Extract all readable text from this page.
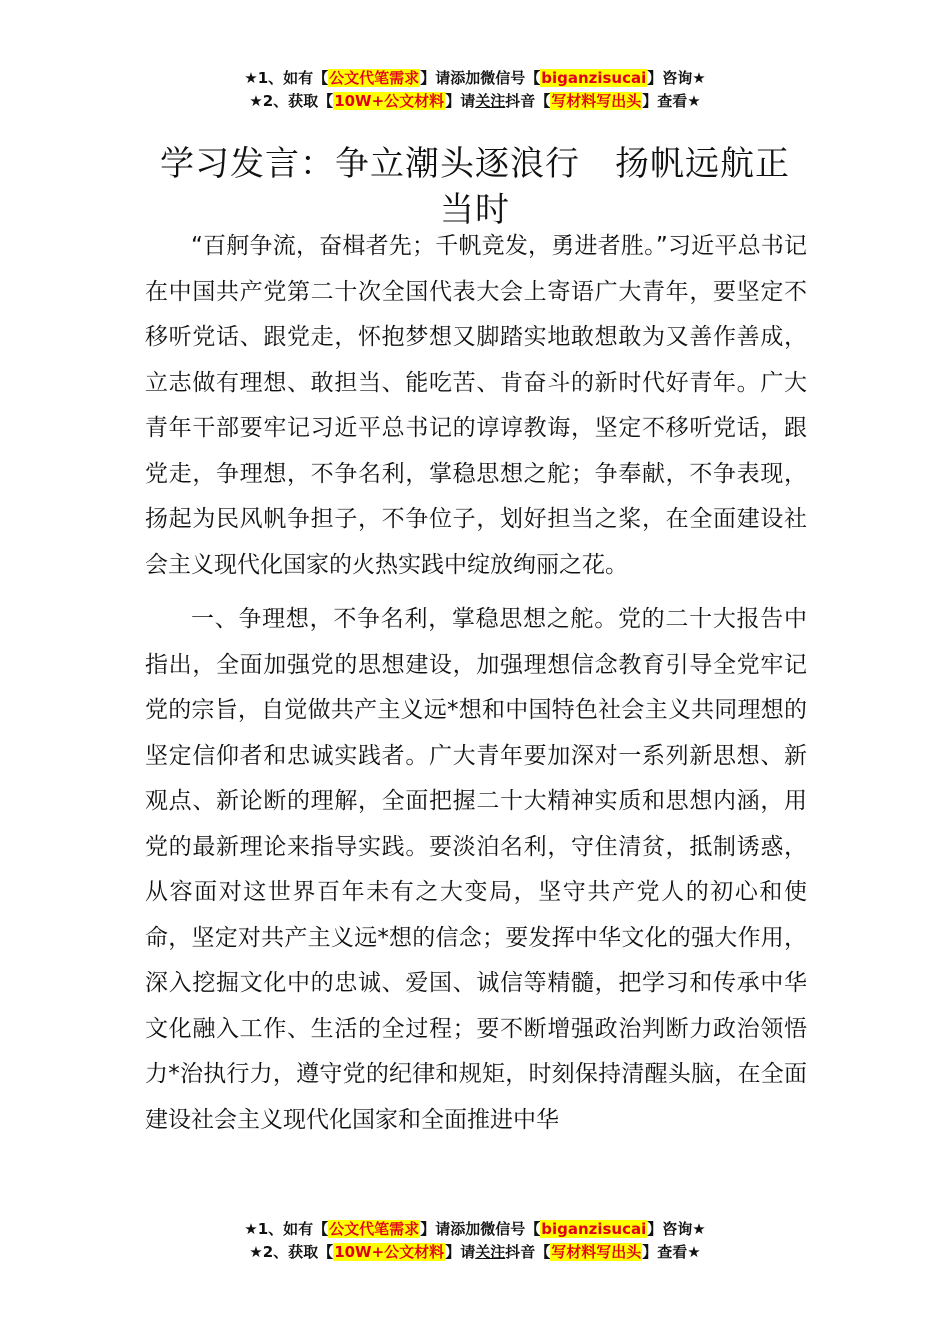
★1、如有【公文代笔需求】请添加微信号【biganzisucai】咨询★
★2、获取【10W+公文材料】请关注抖音【写材料写出头】查看★
学习发言：争立潮头逐浪行　扬帆远航正当时

“百舸争流，奋楫者先；千帆竞发，勇进者胜。”习近平总书记在中国共产党第二十次全国代表大会上寄语广大青年，要坚定不移听党话、跟党走，怀抱梦想又脚踏实地敢想敢为又善作善成，立志做有理想、敢担当、能吃苦、肯奋斗的新时代好青年。广大青年干部要牢记习近平总书记的谆谆教诲，坚定不移听党话，跟党走，争理想，不争名利，掌稳思想之舵；争奉献，不争表现，扬起为民风帆争担子，不争位子，划好担当之桨，在全面建设社会主义现代化国家的火热实践中绽放绚丽之花。

一、争理想，不争名利，掌稳思想之舵。党的二十大报告中指出，全面加强党的思想建设，加强理想信念教育引导全党牢记党的宗旨，自觉做共产主义远*想和中国特色社会主义共同理想的坚定信仰者和忠诚实践者。广大青年要加深对一系列新思想、新观点、新论断的理解，全面把握二十大精神实质和思想内涵，用党的最新理论来指导实践。要淡泊名利，守住清贫，抵制诱惑，从容面对这世界百年未有之大变局，坚守共产党人的初心和使命，坚定对共产主义远*想的信念；要发挥中华文化的强大作用，深入挖掘文化中的忠诚、爱国、诚信等精髓，把学习和传承中华文化融入工作、生活的全过程；要不断增强政治判断力政治领悟力*治执行力，遵守党的纪律和规矩，时刻保持清醒头脑，在全面建设社会主义现代化国家和全面推进中华

★1、如有【公文代笔需求】请添加微信号【biganzisucai】咨询★
★2、获取【10W+公文材料】请关注抖音【写材料写出头】查看★
